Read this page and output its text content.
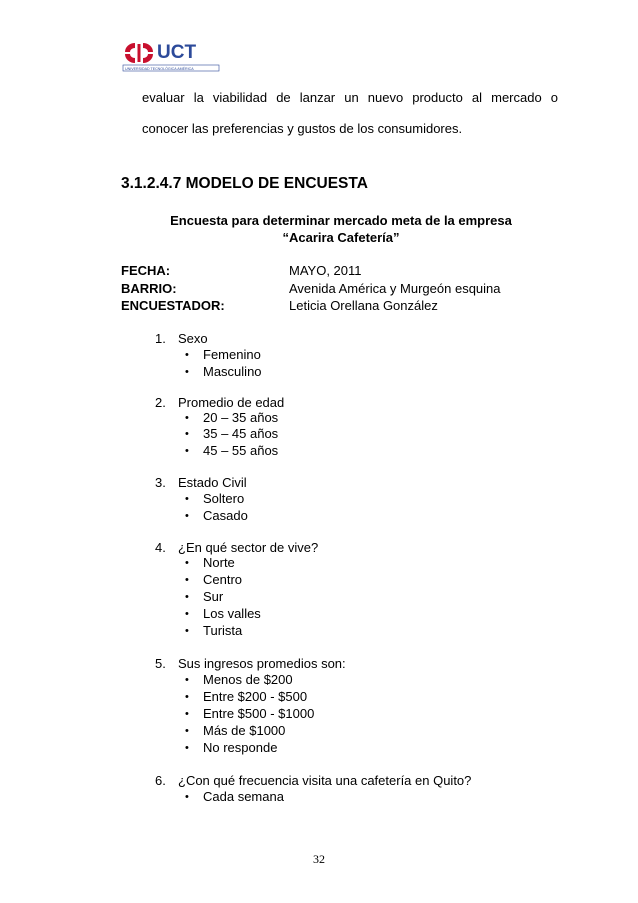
UCT
UNIVERSIDAD TECNOLÓGICA AMÉRICA
evaluar la viabilidad de lanzar un nuevo producto al mercado o
conocer las preferencias y gustos de los consumidores.
3.1.2.4.7 MODELO DE ENCUESTA
Encuesta para determinar mercado meta de la empresa
“Acarira Cafetería”
FECHA:	MAYO, 2011
BARRIO:	Avenida América y Murgeón esquina
ENCUESTADOR:	Leticia Orellana González
1. Sexo
• Femenino
• Masculino
2. Promedio de edad
• 20 – 35 años
• 35 – 45 años
• 45 – 55 años
3. Estado Civil
• Soltero
• Casado
4. ¿En qué sector de vive?
• Norte
• Centro
• Sur
• Los valles
• Turista
5. Sus ingresos promedios son:
• Menos de $200
• Entre $200 - $500
• Entre $500 - $1000
• Más de $1000
• No responde
6. ¿Con qué frecuencia visita una cafetería en Quito?
• Cada semana
32
